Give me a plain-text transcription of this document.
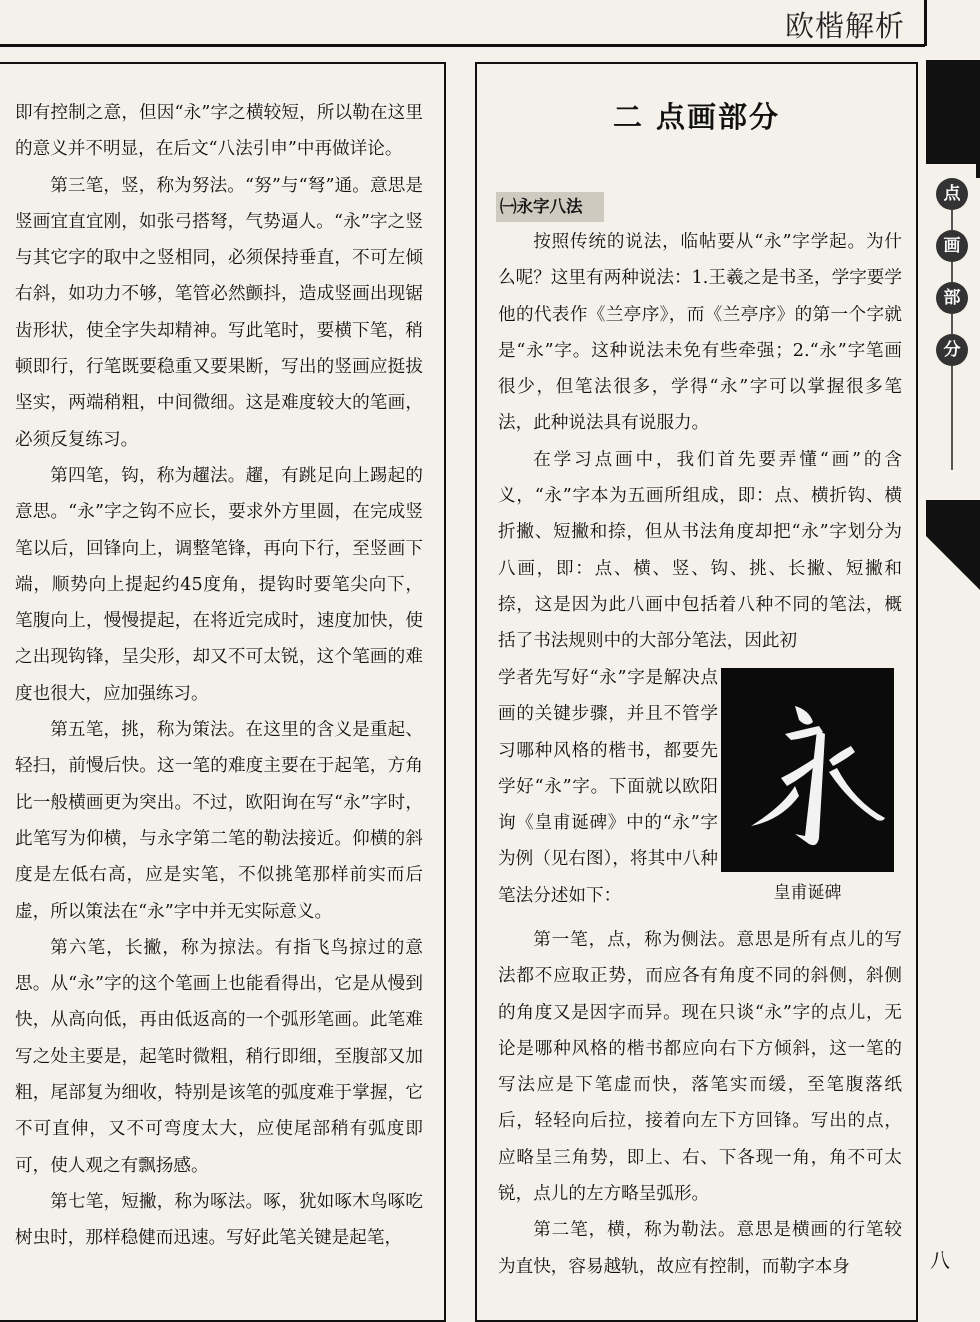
欧楷解析

即有控制之意，但因“永”字之横较短，所以勒在这里的意义并不明显，在后文“八法引申”中再做详论。

第三笔，竖，称为努法。“努”与“弩”通。意思是竖画宜直宜刚，如张弓搭弩，气势逼人。“永”字之竖与其它字的取中之竖相同，必须保持垂直，不可左倾右斜，如功力不够，笔管必然颤抖，造成竖画出现锯齿形状，使全字失却精神。写此笔时，要横下笔，稍顿即行，行笔既要稳重又要果断，写出的竖画应挺拔坚实，两端稍粗，中间微细。这是难度较大的笔画，必须反复练习。

第四笔，钩，称为趯法。趯，有跳足向上踢起的意思。“永”字之钩不应长，要求外方里圆，在完成竖笔以后，回锋向上，调整笔锋，再向下行，至竖画下端，顺势向上提起约45度角，提钩时要笔尖向下，笔腹向上，慢慢提起，在将近完成时，速度加快，使之出现钩锋，呈尖形，却又不可太锐，这个笔画的难度也很大，应加强练习。

第五笔，挑，称为策法。在这里的含义是重起、轻扫，前慢后快。这一笔的难度主要在于起笔，方角比一般横画更为突出。不过，欧阳询在写“永”字时，此笔写为仰横，与永字第二笔的勒法接近。仰横的斜度是左低右高，应是实笔，不似挑笔那样前实而后虚，所以策法在“永”字中并无实际意义。

第六笔，长撇，称为掠法。有指飞鸟掠过的意思。从“永”字的这个笔画上也能看得出，它是从慢到快，从高向低，再由低返高的一个弧形笔画。此笔难写之处主要是，起笔时微粗，稍行即细，至腹部又加粗，尾部复为细收，特别是该笔的弧度难于掌握，它不可直伸，又不可弯度太大，应使尾部稍有弧度即可，使人观之有飘扬感。

第七笔，短撇，称为啄法。啄，犹如啄木鸟啄吃树虫时，那样稳健而迅速。写好此笔关键是起笔，

二 点画部分
㈠永字八法

按照传统的说法，临帖要从“永”字学起。为什么呢？这里有两种说法：1.王羲之是书圣，学字要学他的代表作《兰亭序》，而《兰亭序》的第一个字就是“永”字。这种说法未免有些牵强；2.“永”字笔画很少，但笔法很多，学得“永”字可以掌握很多笔法，此种说法具有说服力。

在学习点画中，我们首先要弄懂“画”的含义，“永”字本为五画所组成，即：点、横折钩、横折撇、短撇和捺，但从书法角度却把“永”字划分为八画，即：点、横、竖、钩、挑、长撇、短撇和捺，这是因为此八画中包括着八种不同的笔法，概括了书法规则中的大部分笔法，因此初

学者先写好“永”字是解决点画的关键步骤，并且不管学习哪种风格的楷书，都要先学好“永”字。下面就以欧阳询《皇甫诞碑》中的“永”字为例（见右图），将其中八种笔法分述如下：	皇甫诞碑

第一笔，点，称为侧法。意思是所有点儿的写法都不应取正势，而应各有角度不同的斜侧，斜侧的角度又是因字而异。现在只谈“永”字的点儿，无论是哪种风格的楷书都应向右下方倾斜，这一笔的写法应是下笔虚而快，落笔实而缓，至笔腹落纸后，轻轻向后拉，接着向左下方回锋。写出的点，应略呈三角势，即上、右、下各现一角，角不可太锐，点儿的左方略呈弧形。

第二笔，横，称为勒法。意思是横画的行笔较为直快，容易越轨，故应有控制，而勒字本身

点
画
部
分
八
